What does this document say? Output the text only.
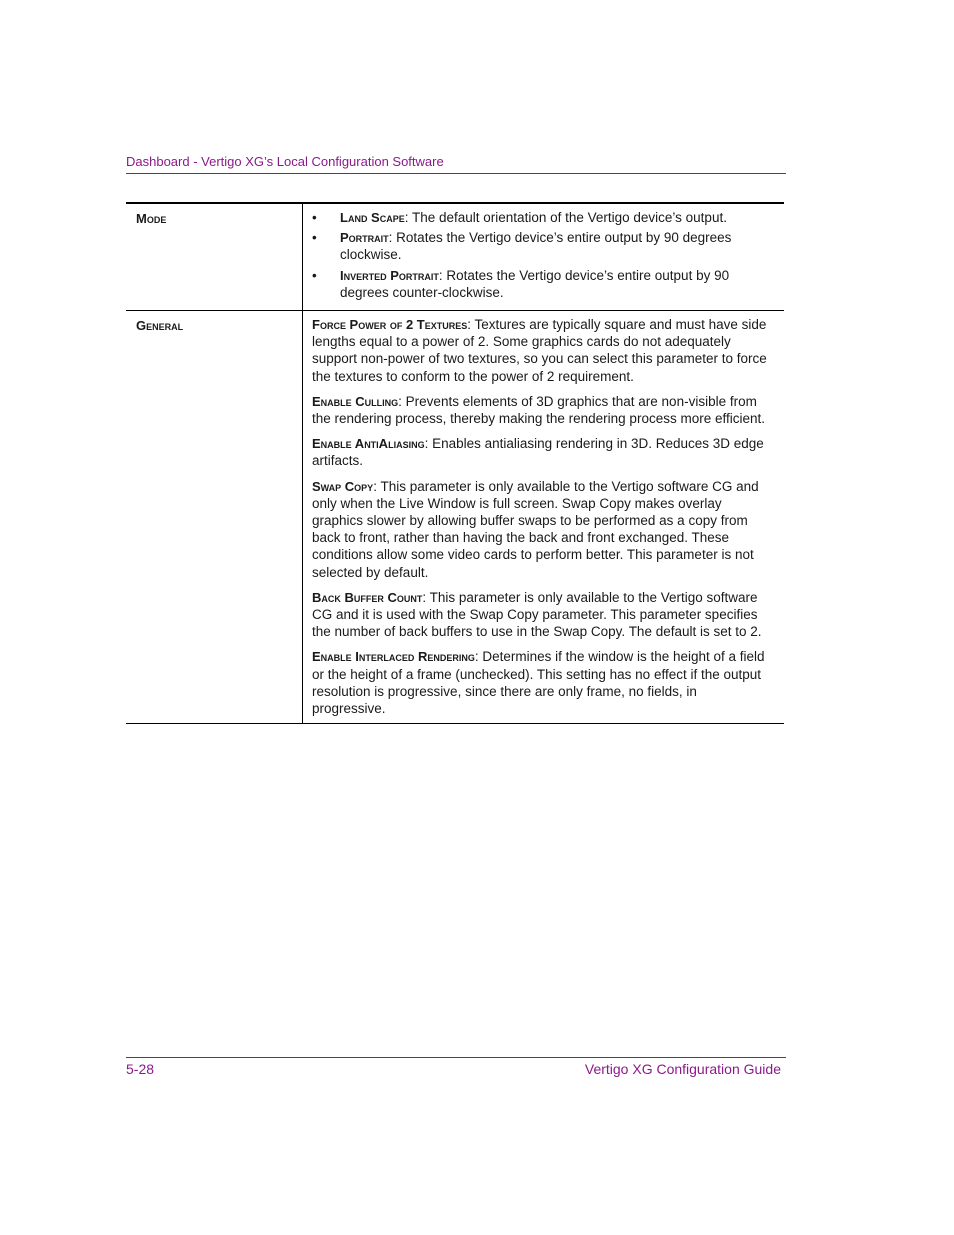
Dashboard - Vertigo XG’s Local Configuration Software
Mode	• Land Scape: The default orientation of the Vertigo device’s output.
• Portrait: Rotates the Vertigo device’s entire output by 90 degrees clockwise.
• Inverted Portrait: Rotates the Vertigo device’s entire output by 90 degrees counter-clockwise.
General	Force Power of 2 Textures: Textures are typically square and must have side lengths equal to a power of 2. Some graphics cards do not adequately support non-power of two textures, so you can select this parameter to force the textures to conform to the power of 2 requirement.

Enable Culling: Prevents elements of 3D graphics that are non-visible from the rendering process, thereby making the rendering process more efficient.

Enable AntiAliasing: Enables antialiasing rendering in 3D. Reduces 3D edge artifacts.

Swap Copy: This parameter is only available to the Vertigo software CG and only when the Live Window is full screen. Swap Copy makes overlay graphics slower by allowing buffer swaps to be performed as a copy from back to front, rather than having the back and front exchanged. These conditions allow some video cards to perform better. This parameter is not selected by default.

Back Buffer Count: This parameter is only available to the Vertigo software CG and it is used with the Swap Copy parameter. This parameter specifies the number of back buffers to use in the Swap Copy. The default is set to 2.

Enable Interlaced Rendering: Determines if the window is the height of a field or the height of a frame (unchecked). This setting has no effect if the output resolution is progressive, since there are only frame, no fields, in progressive.

5-28	Vertigo XG Configuration Guide
